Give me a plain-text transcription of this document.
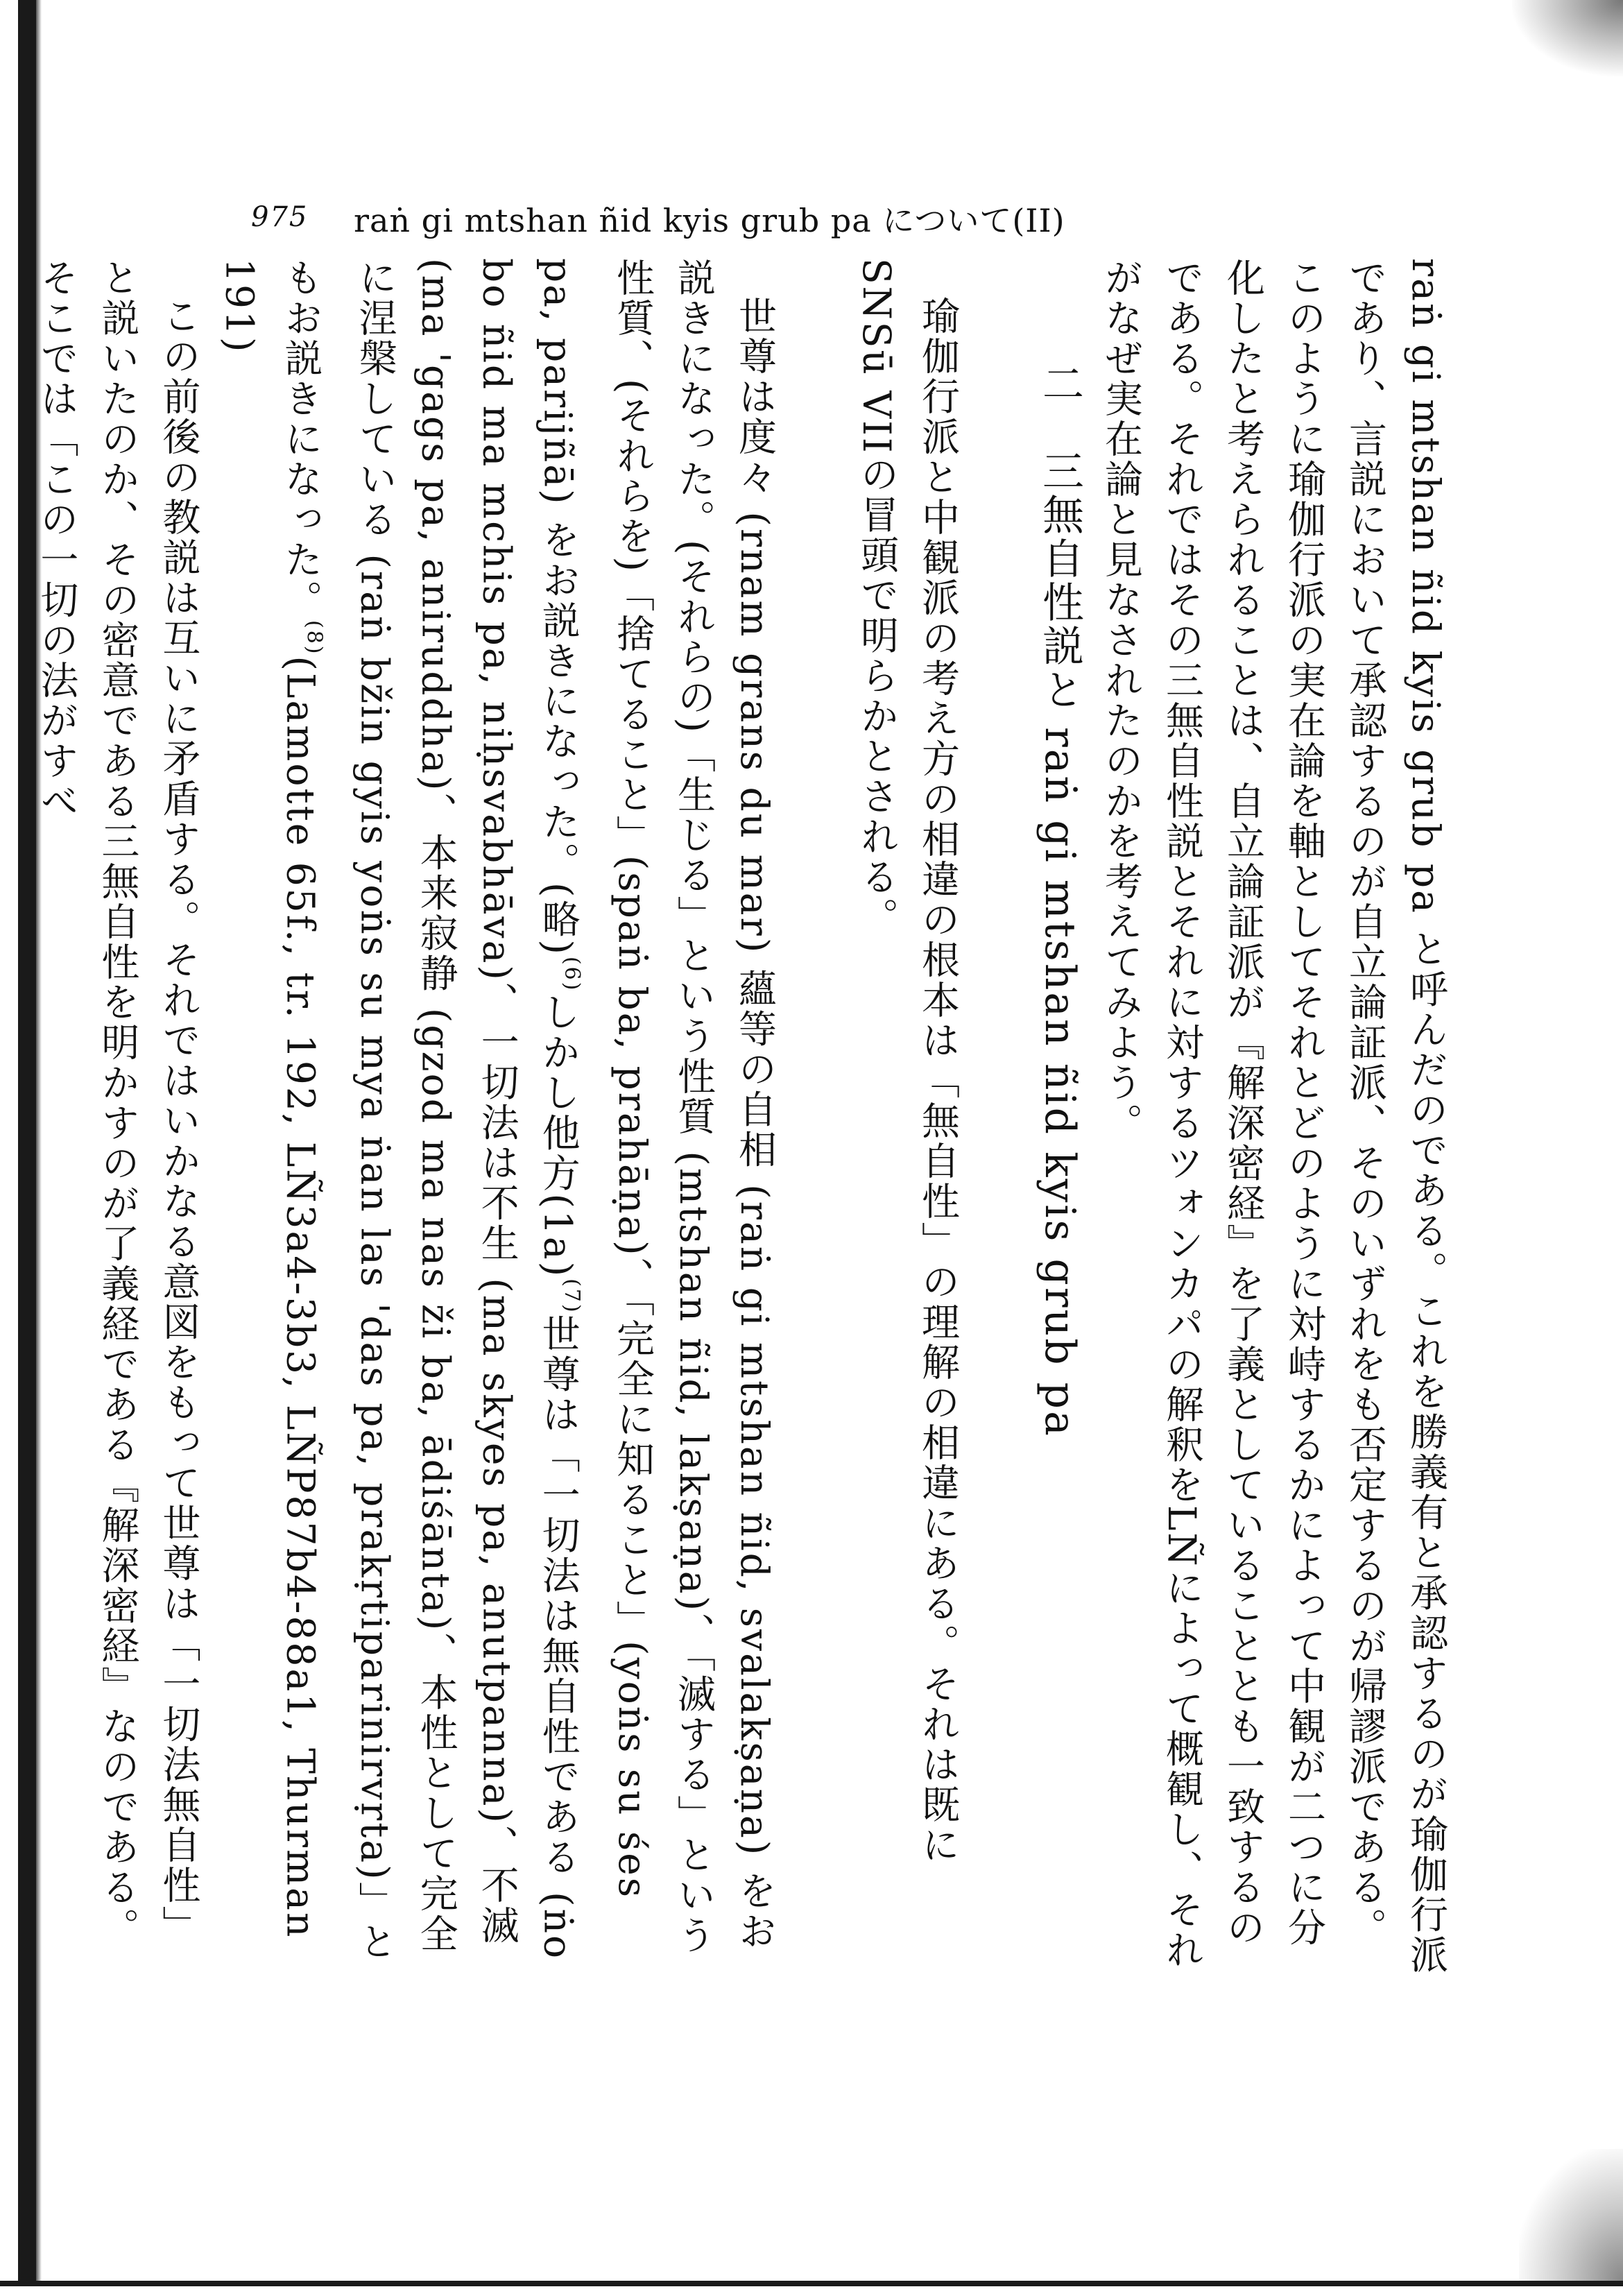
975 raṅ gi mtshan ñid kyis grub pa について(II)

raṅ gi mtshan ñid kyis grub pa と呼んだのである。これを勝義有と承認するのが瑜伽行派であり、言説において承認するのが自立論証派、そのいずれをも否定するのが帰謬派である。このように瑜伽行派の実在論を軸としてそれとどのように対峙するかによって中観が二つに分化したと考えられることは、自立論証派が『解深密経』を了義としていることとも一致するのである。それではその三無自性説とそれに対するツォンカパの解釈をLÑによって概観し、それがなぜ実在論と見なされたのかを考えてみよう。

二　三無自性説と raṅ gi mtshan ñid kyis grub pa

瑜伽行派と中観派の考え方の相違の根本は「無自性」の理解の相違にある。それは既にSNSū VIIの冒頭で明らかとされる。

世尊は度々 (rnam grans du mar) 蘊等の自相 (raṅ gi mtshan ñid, svalakṣaṇa) をお説きになった。(それらの)「生じる」という性質 (mtshan ñid, lakṣaṇa)、「滅する」という性質、(それらを)「捨てること」(spaṅ ba, prahāṇa)、「完全に知ること」(yoṅs su śes pa, parijñā) をお説きになった。(略)$^{(6)}$しかし他方(1a)$^{(7)}$世尊は「一切法は無自性である (ṅo bo ñid ma mchis pa, niḥsvabhāva)、一切法は不生 (ma skyes pa, anutpanna)、不滅 (ma 'gags pa, aniruddha)、本来寂静 (gzod ma nas ži ba, ādiśānta)、本性として完全に涅槃している (raṅ bžin gyis yoṅs su mya ṅan las 'das pa, prakṛtiparinirvṛta)」ともお説きになった。$^{(8)}$(Lamotte 65f., tr. 192, LÑ3a4-3b3, LÑP87b4-88a1, Thurman 191)

この前後の教説は互いに矛盾する。それではいかなる意図をもって世尊は「一切法無自性」と説いたのか、その密意である三無自性を明かすのが了義経である『解深密経』なのである。そこでは「この一切の法がすべ
